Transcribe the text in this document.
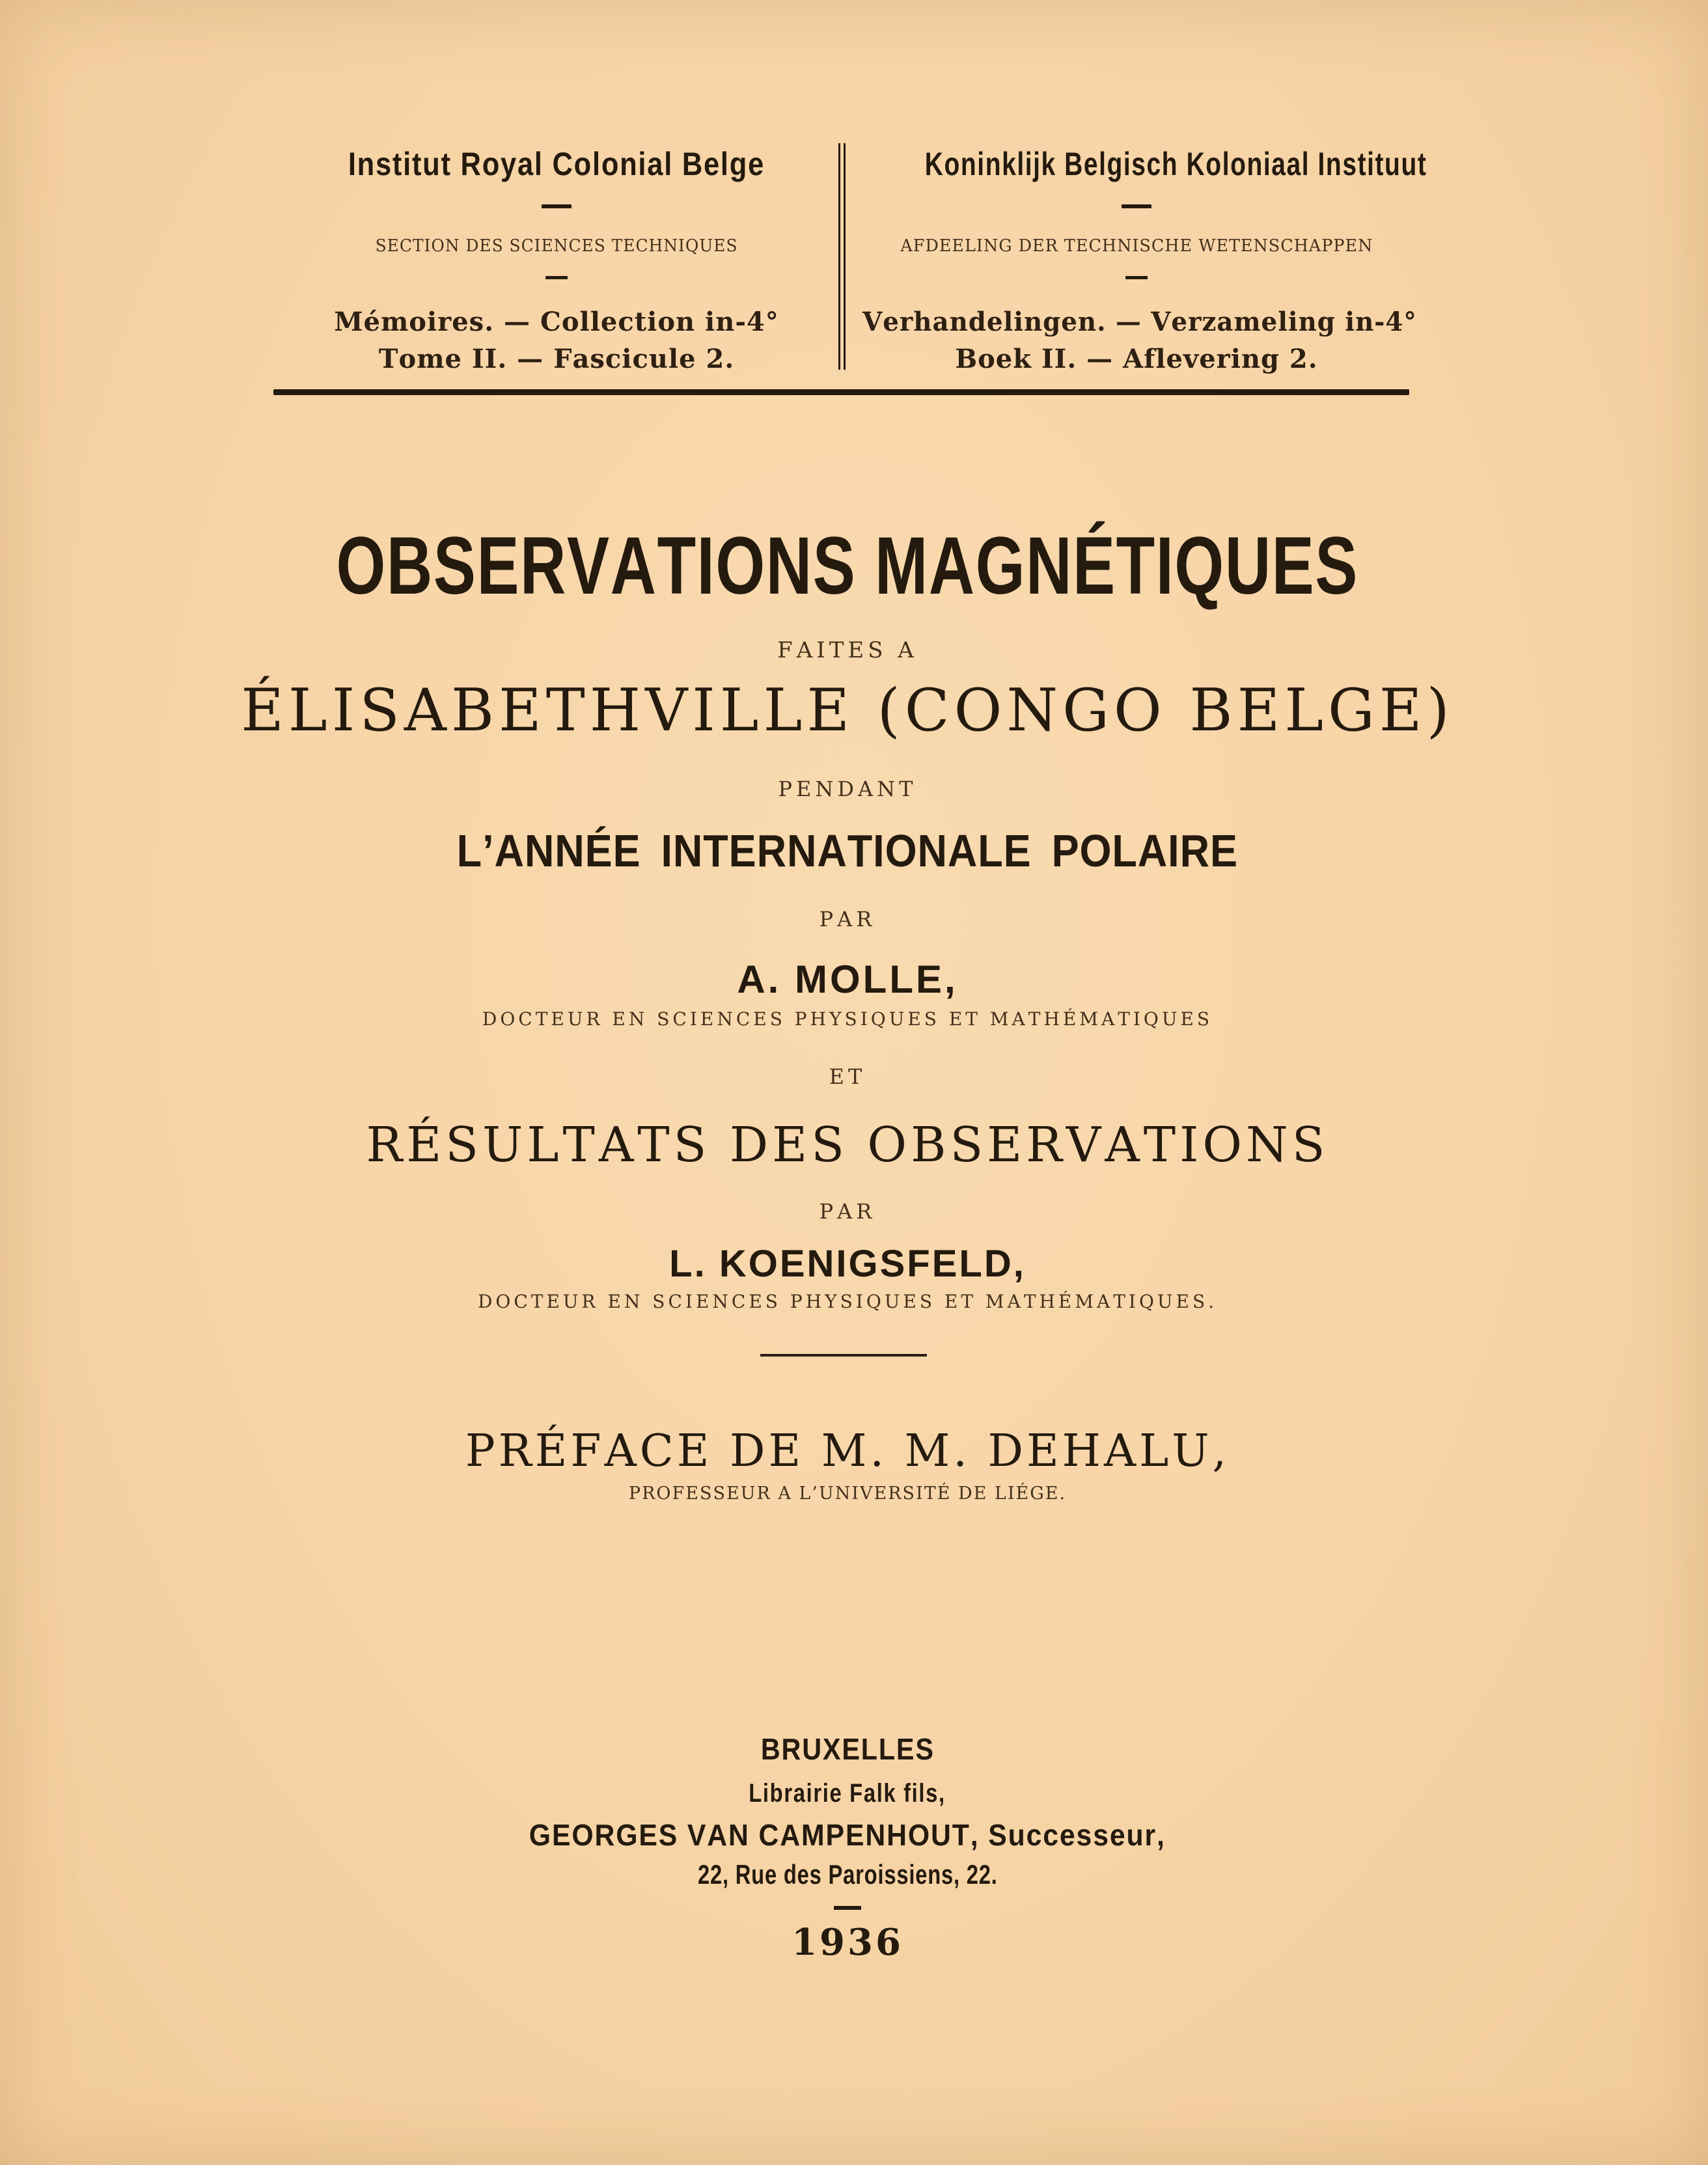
Institut Royal Colonial Belge
SECTION DES SCIENCES TECHNIQUES
Mémoires. — Collection in-4°
Tome II. — Fascicule 2.
Koninklijk Belgisch Koloniaal Instituut
AFDEELING DER TECHNISCHE WETENSCHAPPEN
Verhandelingen. — Verzameling in-4°
Boek II. — Aflevering 2.
OBSERVATIONS MAGNÉTIQUES
FAITES A
ÉLISABETHVILLE (CONGO BELGE)
PENDANT
L’ANNÉE INTERNATIONALE POLAIRE
PAR
A. MOLLE,
DOCTEUR EN SCIENCES PHYSIQUES ET MATHÉMATIQUES
ET
RÉSULTATS DES OBSERVATIONS
PAR
L. KOENIGSFELD,
DOCTEUR EN SCIENCES PHYSIQUES ET MATHÉMATIQUES.
PRÉFACE DE M. M. DEHALU,
PROFESSEUR A L’UNIVERSITÉ DE LIÉGE.
BRUXELLES
Librairie Falk fils,
GEORGES VAN CAMPENHOUT, Successeur,
22, Rue des Paroissiens, 22.
1936
